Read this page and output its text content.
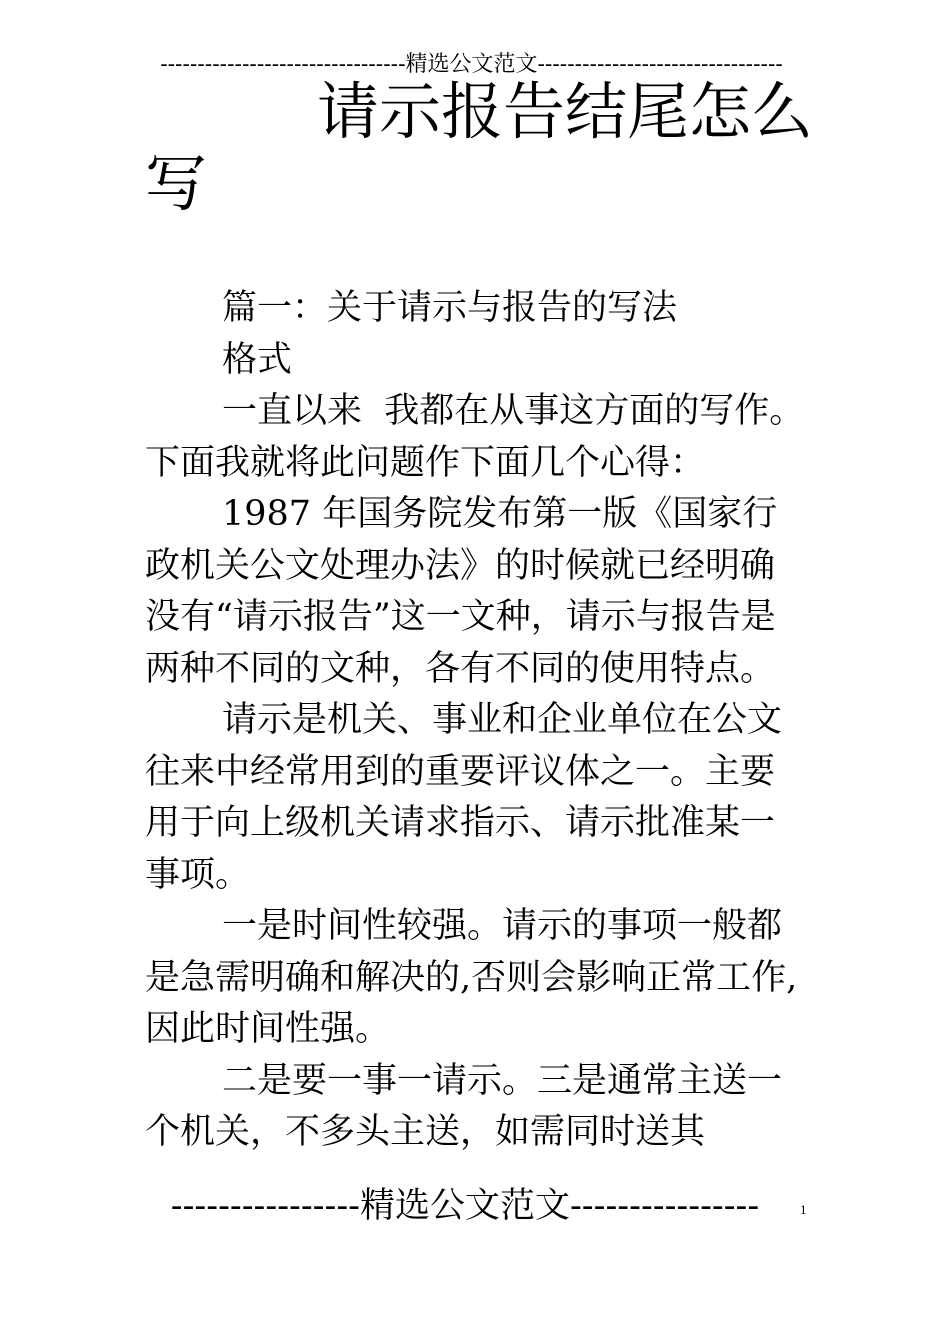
---------------------------------精选公文范文---------------------------------
请示报告结尾怎么
写

篇一：关于请示与报告的写法

格式

一直以来  我都在从事这方面的写作。下面我就将此问题作下面几个心得：

1987 年国务院发布第一版《国家行政机关公文处理办法》的时候就已经明确没有“请示报告”这一文种，请示与报告是两种不同的文种，各有不同的使用特点。

请示是机关、事业和企业单位在公文往来中经常用到的重要评议体之一。主要用于向上级机关请求指示、请示批准某一事项。

一是时间性较强。请示的事项一般都是急需明确和解决的,否则会影响正常工作,因此时间性强。

二是要一事一请示。三是通常主送一个机关，不多头主送，如需同时送其

----------------精选公文范文----------------	1
